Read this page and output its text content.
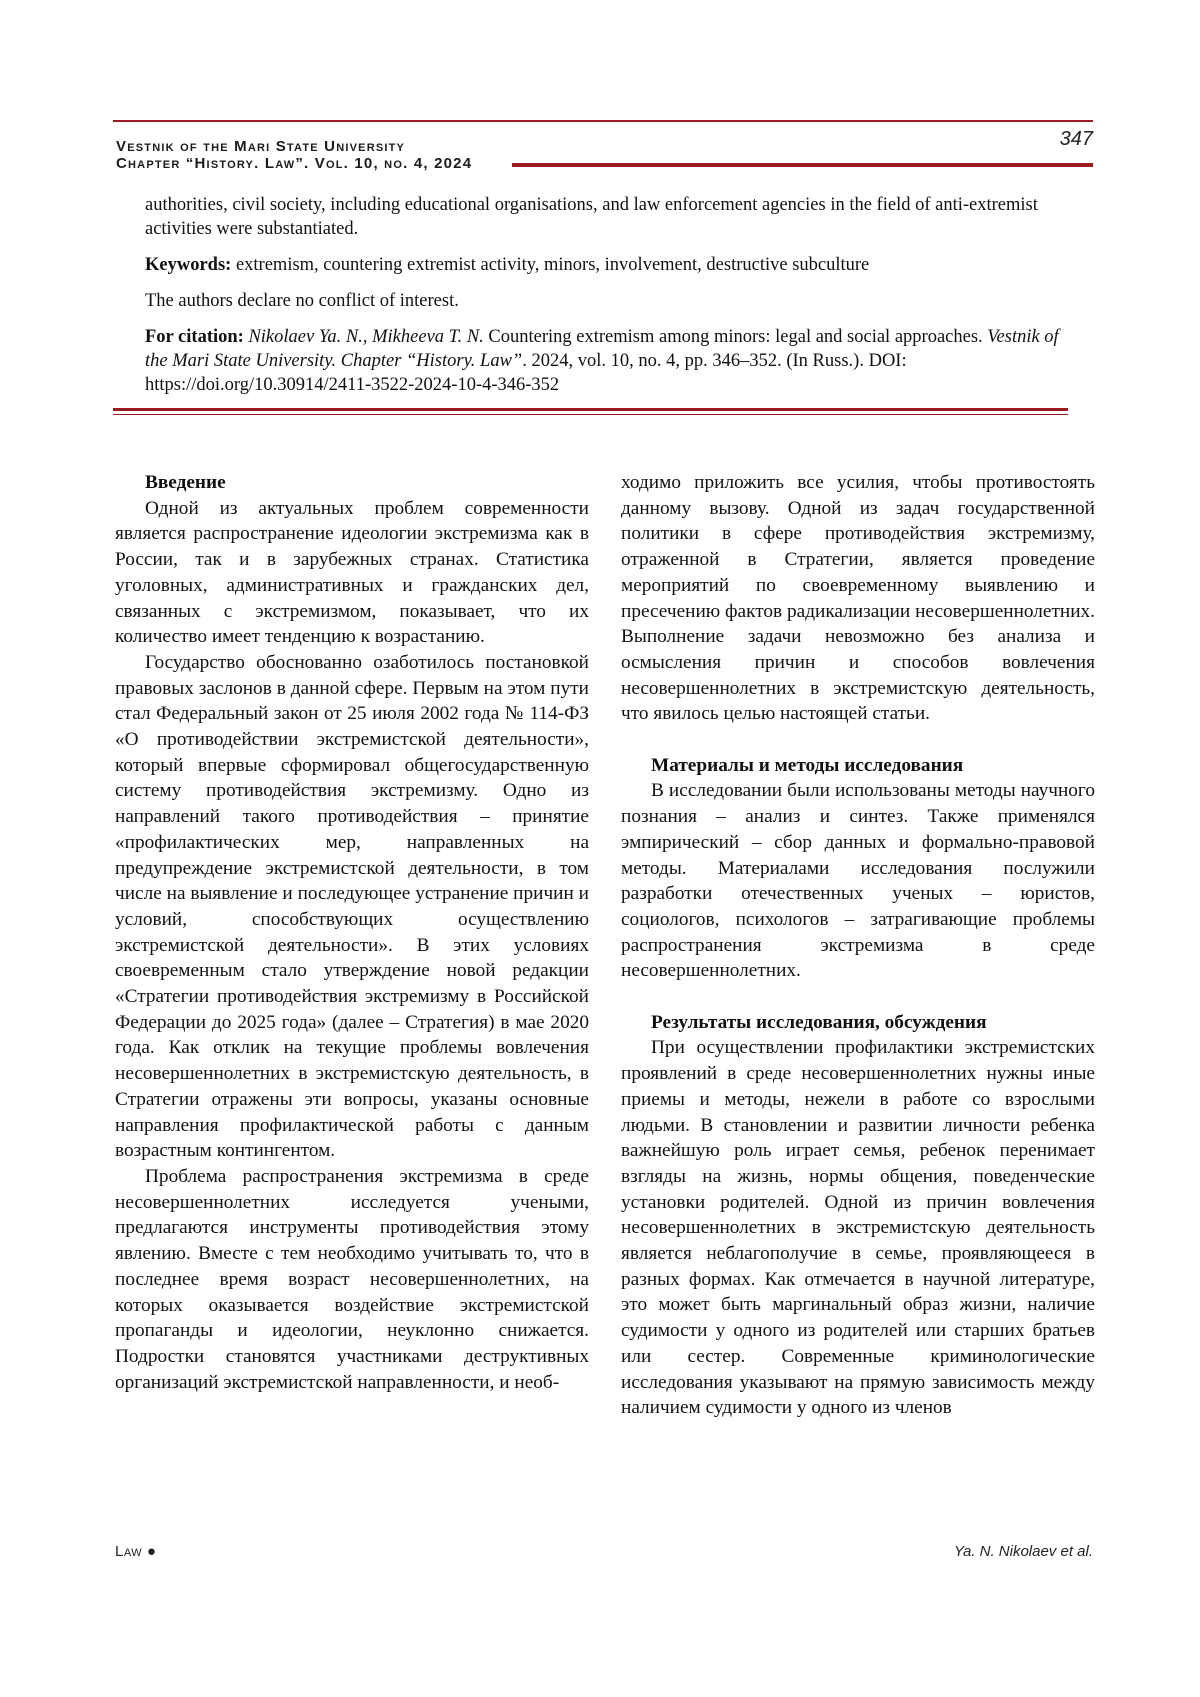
Vestnik of the Mari State University
Chapter “History. Law”. Vol. 10, no. 4, 2024
347

authorities, civil society, including educational organisations, and law enforcement agencies in the field of anti-extremist activities were substantiated.

Keywords: extremism, countering extremist activity, minors, involvement, destructive subculture

The authors declare no conflict of interest.

For citation: Nikolaev Ya. N., Mikheeva T. N. Countering extremism among minors: legal and social approaches. Vestnik of the Mari State University. Chapter “History. Law”. 2024, vol. 10, no. 4, pp. 346–352. (In Russ.). DOI: https://doi.org/10.30914/2411-3522-2024-10-4-346-352

Введение

Одной из актуальных проблем современности является распространение идеологии экстремизма как в России, так и в зарубежных странах. Статистика уголовных, административных и гражданских дел, связанных с экстремизмом, показывает, что их количество имеет тенденцию к возрастанию.

Государство обоснованно озаботилось постановкой правовых заслонов в данной сфере. Первым на этом пути стал Федеральный закон от 25 июля 2002 года № 114-ФЗ «О противодействии экстремистской деятельности», который впервые сформировал общегосударственную систему противодействия экстремизму. Одно из направлений такого противодействия – принятие «профилактических мер, направленных на предупреждение экстремистской деятельности, в том числе на выявление и последующее устранение причин и условий, способствующих осуществлению экстремистской деятельности». В этих условиях своевременным стало утверждение новой редакции «Стратегии противодействия экстремизму в Российской Федерации до 2025 года» (далее – Стратегия) в мае 2020 года. Как отклик на текущие проблемы вовлечения несовершеннолетних в экстремистскую деятельность, в Стратегии отражены эти вопросы, указаны основные направления профилактической работы с данным возрастным контингентом.

Проблема распространения экстремизма в среде несовершеннолетних исследуется учеными, предлагаются инструменты противодействия этому явлению. Вместе с тем необходимо учитывать то, что в последнее время возраст несовершеннолетних, на которых оказывается воздействие экстремистской пропаганды и идеологии, неуклонно снижается. Подростки становятся участниками деструктивных организаций экстремистской направленности, и необ-

ходимо приложить все усилия, чтобы противостоять данному вызову. Одной из задач государственной политики в сфере противодействия экстремизму, отраженной в Стратегии, является проведение мероприятий по своевременному выявлению и пресечению фактов радикализации несовершеннолетних. Выполнение задачи невозможно без анализа и осмысления причин и способов вовлечения несовершеннолетних в экстремистскую деятельность, что явилось целью настоящей статьи.

Материалы и методы исследования

В исследовании были использованы методы научного познания – анализ и синтез. Также применялся эмпирический – сбор данных и формально-правовой методы. Материалами исследования послужили разработки отечественных ученых – юристов, социологов, психологов – затрагивающие проблемы распространения экстремизма в среде несовершеннолетних.

Результаты исследования, обсуждения

При осуществлении профилактики экстремистских проявлений в среде несовершеннолетних нужны иные приемы и методы, нежели в работе со взрослыми людьми. В становлении и развитии личности ребенка важнейшую роль играет семья, ребенок перенимает взгляды на жизнь, нормы общения, поведенческие установки родителей. Одной из причин вовлечения несовершеннолетних в экстремистскую деятельность является неблагополучие в семье, проявляющееся в разных формах. Как отмечается в научной литературе, это может быть маргинальный образ жизни, наличие судимости у одного из родителей или старших братьев или сестер. Современные криминологические исследования указывают на прямую зависимость между наличием судимости у одного из членов

Law ●	Ya. N. Nikolaev et al.
